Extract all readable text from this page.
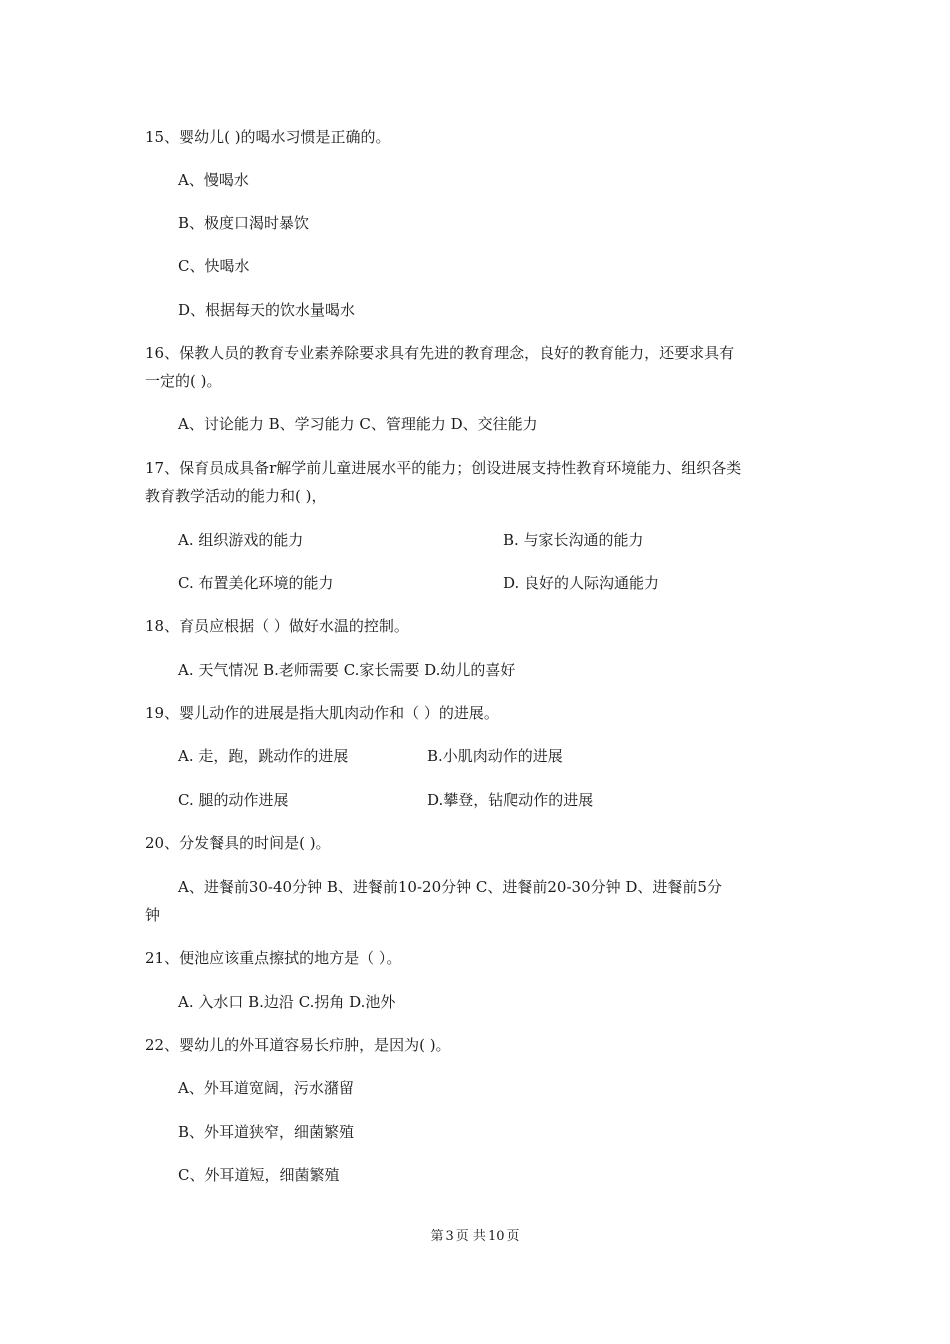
15、婴幼儿( )的喝水习惯是正确的。
A、慢喝水
B、极度口渴时暴饮
C、快喝水
D、根据每天的饮水量喝水
16、保教人员的教育专业素养除要求具有先进的教育理念，良好的教育能力，还要求具有
一定的( )。
A、讨论能力 B、学习能力 C、管理能力 D、交往能力
17、保育员成具备r解学前儿童进展水平的能力；创设进展支持性教育环境能力、组织各类
教育教学活动的能力和( )，
A. 组织游戏的能力	B. 与家长沟通的能力
C. 布置美化环境的能力	D. 良好的人际沟通能力
18、育员应根据（ ）做好水温的控制。
A. 天气情况 B.老师需要 C.家长需要 D.幼儿的喜好
19、婴儿动作的进展是指大肌肉动作和（ ）的进展。
A. 走，跑，跳动作的进展	B.小肌肉动作的进展
C. 腿的动作进展	D.攀登，钻爬动作的进展
20、分发餐具的时间是( )。
A、进餐前30-40分钟 B、进餐前10-20分钟 C、进餐前20-30分钟 D、进餐前5分
钟
21、便池应该重点擦拭的地方是（ ）。
A. 入水口 B.边沿 C.拐角 D.池外
22、婴幼儿的外耳道容易长疖肿，是因为( )。
A、外耳道宽阔，污水潴留
B、外耳道狭窄，细菌繁殖
C、外耳道短，细菌繁殖
第 3 页 共 10 页
